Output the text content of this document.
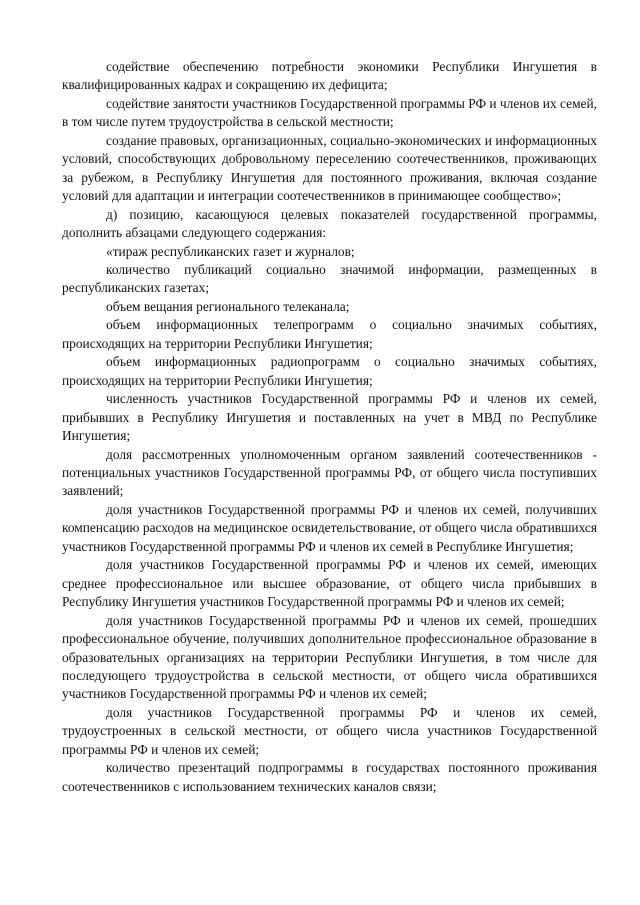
содействие обеспечению потребности экономики Республики Ингушетия в квалифицированных кадрах и сокращению их дефицита;

содействие занятости участников Государственной программы РФ и членов их семей, в том числе путем трудоустройства в сельской местности;

создание правовых, организационных, социально-экономических и информационных условий, способствующих добровольному переселению соотечественников, проживающих за рубежом, в Республику Ингушетия для постоянного проживания, включая создание условий для адаптации и интеграции соотечественников в принимающее сообщество»;

д) позицию, касающуюся целевых показателей государственной программы, дополнить абзацами следующего содержания:

«тираж республиканских газет и журналов;

количество публикаций социально значимой информации, размещенных в республиканских газетах;

объем вещания регионального телеканала;

объем информационных телепрограмм о социально значимых событиях, происходящих на территории Республики Ингушетия;

объем информационных радиопрограмм о социально значимых событиях, происходящих на территории Республики Ингушетия;

численность участников Государственной программы РФ и членов их семей, прибывших в Республику Ингушетия и поставленных на учет в МВД по Республике Ингушетия;

доля рассмотренных уполномоченным органом заявлений соотечественников - потенциальных участников Государственной программы РФ, от общего числа поступивших заявлений;

доля участников Государственной программы РФ и членов их семей, получивших компенсацию расходов на медицинское освидетельствование, от общего числа обратившихся участников Государственной программы РФ и членов их семей в Республике Ингушетия;

доля участников Государственной программы РФ и членов их семей, имеющих среднее профессиональное или высшее образование, от общего числа прибывших в Республику Ингушетия участников Государственной программы РФ и членов их семей;

доля участников Государственной программы РФ и членов их семей, прошедших профессиональное обучение, получивших дополнительное профессиональное образование в образовательных организациях на территории Республики Ингушетия, в том числе для последующего трудоустройства в сельской местности, от общего числа обратившихся участников Государственной программы РФ и членов их семей;

доля участников Государственной программы РФ и членов их семей, трудоустроенных в сельской местности, от общего числа участников Государственной программы РФ и членов их семей;

количество презентаций подпрограммы в государствах постоянного проживания соотечественников с использованием технических каналов связи;
